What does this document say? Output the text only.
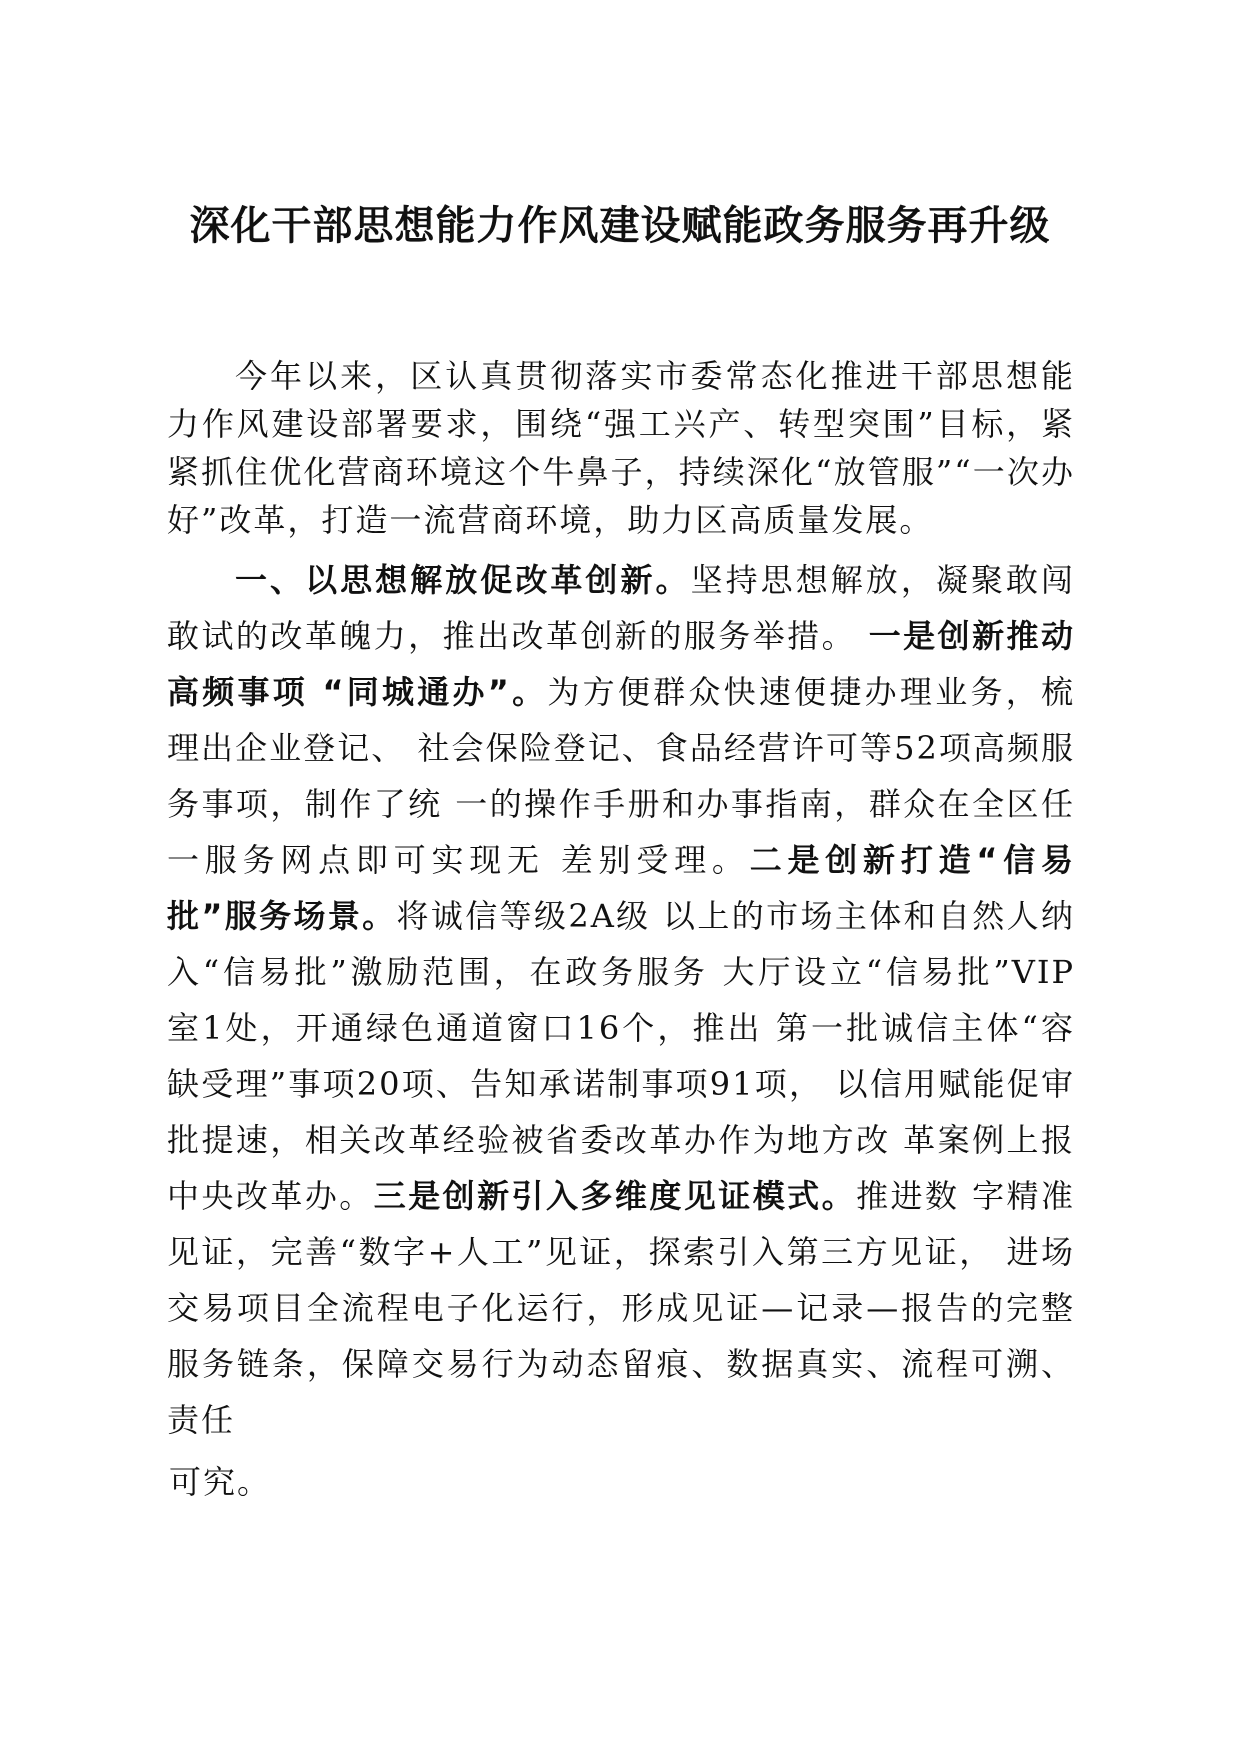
深化干部思想能力作风建设赋能政务服务再升级

今年以来，区认真贯彻落实市委常态化推进干部思想能力作风建设部署要求，围绕“强工兴产、转型突围”目标，紧紧抓住优化营商环境这个牛鼻子，持续深化“放管服”“一次办好”改革，打造一流营商环境，助力区高质量发展。

一、以思想解放促改革创新。坚持思想解放，凝聚敢闯敢试的改革魄力，推出改革创新的服务举措。 一是创新推动高频事项 “同城通办”。为方便群众快速便捷办理业务，梳理出企业登记、 社会保险登记、食品经营许可等52项高频服务事项，制作了统 一的操作手册和办事指南，群众在全区任一服务网点即可实现无 差别受理。二是创新打造“信易批”服务场景。将诚信等级2A级 以上的市场主体和自然人纳入“信易批”激励范围，在政务服务 大厅设立“信易批”VIP 室1处，开通绿色通道窗口16个，推出 第一批诚信主体“容缺受理”事项20项、告知承诺制事项91项， 以信用赋能促审批提速，相关改革经验被省委改革办作为地方改 革案例上报中央改革办。三是创新引入多维度见证模式。推进数 字精准见证，完善“数字+人工”见证，探索引入第三方见证， 进场交易项目全流程电子化运行，形成见证—记录—报告的完整 服务链条，保障交易行为动态留痕、数据真实、流程可溯、责任
可究。
